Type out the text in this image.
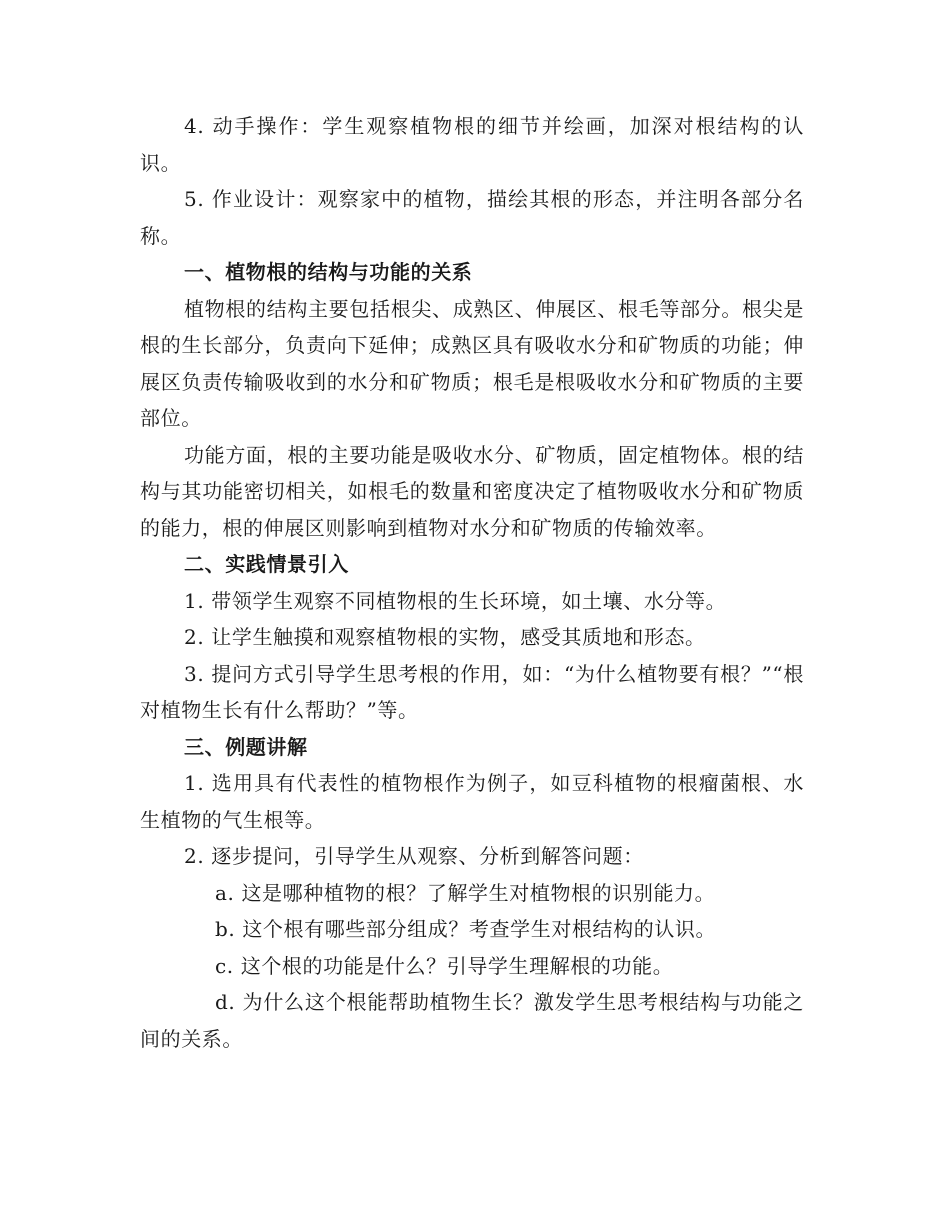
4. 动手操作：学生观察植物根的细节并绘画，加深对根结构的认识。

5. 作业设计：观察家中的植物，描绘其根的形态，并注明各部分名称。

一、植物根的结构与功能的关系

植物根的结构主要包括根尖、成熟区、伸展区、根毛等部分。根尖是根的生长部分，负责向下延伸；成熟区具有吸收水分和矿物质的功能；伸展区负责传输吸收到的水分和矿物质；根毛是根吸收水分和矿物质的主要部位。

功能方面，根的主要功能是吸收水分、矿物质，固定植物体。根的结构与其功能密切相关，如根毛的数量和密度决定了植物吸收水分和矿物质的能力，根的伸展区则影响到植物对水分和矿物质的传输效率。

二、实践情景引入

1. 带领学生观察不同植物根的生长环境，如土壤、水分等。

2. 让学生触摸和观察植物根的实物，感受其质地和形态。

3. 提问方式引导学生思考根的作用，如：“为什么植物要有根？”“根对植物生长有什么帮助？”等。

三、例题讲解

1. 选用具有代表性的植物根作为例子，如豆科植物的根瘤菌根、水生植物的气生根等。

2. 逐步提问，引导学生从观察、分析到解答问题：

a. 这是哪种植物的根？了解学生对植物根的识别能力。

b. 这个根有哪些部分组成？考查学生对根结构的认识。

c. 这个根的功能是什么？引导学生理解根的功能。

d. 为什么这个根能帮助植物生长？激发学生思考根结构与功能之间的关系。
